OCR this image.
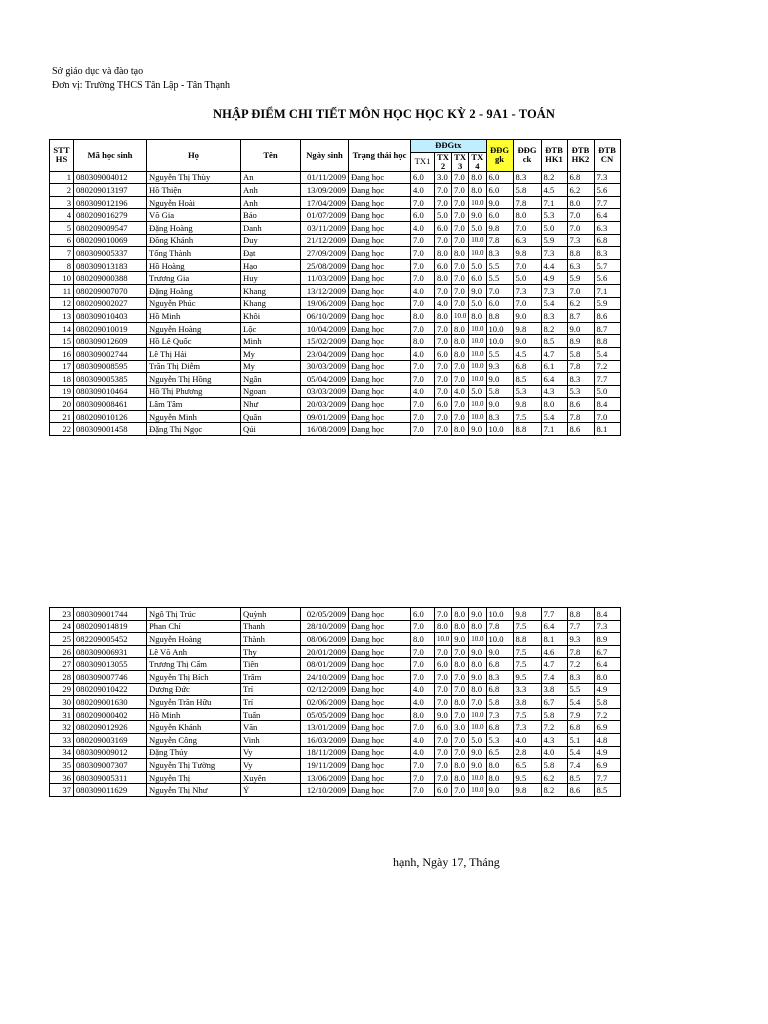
Sở giáo dục và đào tạo
Đơn vị: Trường THCS Tân Lập - Tân Thạnh
NHẬP ĐIỂM CHI TIẾT MÔN HỌC HỌC KỲ 2 - 9A1 - TOÁN
STT HS	Mã học sinh	Họ	Tên	Ngày sinh	Trạng thái học	ĐĐGtx				ĐĐG gk	ĐĐG ck	ĐTB HK1	ĐTB HK2	ĐTB CN
						TX1	TX 2	TX 3	TX 4					
1	080309004012	Nguyễn Thị Thùy	An	01/11/2009	Đang học	6.0	3.0	7.0	8.0	6.0	8.3	8.2	6.8	7.3
2	080209013197	Hồ Thiện	Anh	13/09/2009	Đang học	4.0	7.0	7.0	8.0	6.0	5.8	4.5	6.2	5.6
3	080309012196	Nguyễn Hoài	Anh	17/04/2009	Đang học	7.0	7.0	7.0	10.0	9.0	7.8	7.1	8.0	7.7
4	080209016279	Võ Gia	Bảo	01/07/2009	Đang học	6.0	5.0	7.0	9.0	6.0	8.0	5.3	7.0	6.4
5	080209009547	Đặng Hoàng	Danh	03/11/2009	Đang học	4.0	6.0	7.0	5.0	9.8	7.0	5.0	7.0	6.3
6	080209010069	Đồng Khánh	Duy	21/12/2009	Đang học	7.0	7.0	7.0	10.0	7.8	6.3	5.9	7.3	6.8
7	080309005337	Tống Thành	Đạt	27/09/2009	Đang học	7.0	8.0	8.0	10.0	8.3	9.8	7.3	8.8	8.3
8	080309013183	Hồ Hoàng	Hạo	25/08/2009	Đang học	7.0	6.0	7.0	5.0	5.5	7.0	4.4	6.3	5.7
10	080209000388	Trương Gia	Huy	11/03/2009	Đang học	7.0	8.0	7.0	6.0	5.5	5.0	4.9	5.9	5.6
11	080209007070	Đặng Hoàng	Khang	13/12/2009	Đang học	4.0	7.0	7.0	9.0	7.0	7.3	7.3	7.0	7.1
12	080209002027	Nguyễn Phúc	Khang	19/06/2009	Đang học	7.0	4.0	7.0	5.0	6.0	7.0	5.4	6.2	5.9
13	080309010403	Hồ Minh	Khôi	06/10/2009	Đang học	8.0	8.0	10.0	8.0	8.8	9.0	8.3	8.7	8.6
14	080209010019	Nguyễn Hoàng	Lộc	10/04/2009	Đang học	7.0	7.0	8.0	10.0	10.0	9.8	8.2	9.0	8.7
15	080309012609	Hồ Lê Quốc	Minh	15/02/2009	Đang học	8.0	7.0	8.0	10.0	10.0	9.0	8.5	8.9	8.8
16	080309002744	Lê Thị Hải	My	23/04/2009	Đang học	4.0	6.0	8.0	10.0	5.5	4.5	4.7	5.8	5.4
17	080309008595	Trần Thị Diễm	My	30/03/2009	Đang học	7.0	7.0	7.0	10.0	9.3	6.8	6.1	7.8	7.2
18	080309005385	Nguyễn Thị Hồng	Ngân	05/04/2009	Đang học	7.0	7.0	7.0	10.0	9.0	8.5	6.4	8.3	7.7
19	080309010464	Hồ Thị Phương	Ngoan	03/03/2009	Đang học	4.0	7.0	4.0	5.0	5.8	5.3	4.3	5.3	5.0
20	080309008461	Lâm Tâm	Như	20/03/2009	Đang học	7.0	6.0	7.0	10.0	9.0	9.8	8.0	8.6	8.4
21	080209010126	Nguyễn Minh	Quân	09/01/2009	Đang học	7.0	7.0	7.0	10.0	8.3	7.5	5.4	7.8	7.0
22	080309001458	Đặng Thị Ngọc	Qúi	16/08/2009	Đang học	7.0	7.0	8.0	9.0	10.0	8.8	7.1	8.6	8.1
23	080309001744	Ngô Thị Trúc	Quỳnh	02/05/2009	Đang học	6.0	7.0	8.0	9.0	10.0	9.8	7.7	8.8	8.4
24	080209014819	Phan Chí	Thanh	28/10/2009	Đang học	7.0	8.0	8.0	8.0	7.8	7.5	6.4	7.7	7.3
25	082209005452	Nguyễn Hoàng	Thành	08/06/2009	Đang học	8.0	10.0	9.0	10.0	10.0	8.8	8.1	9.3	8.9
26	080309006931	Lê Võ Anh	Thy	20/01/2009	Đang học	7.0	7.0	7.0	9.0	9.0	7.5	4.6	7.8	6.7
27	080309013055	Trương Thị Cẩm	Tiên	08/01/2009	Đang học	7.0	6.0	8.0	8.0	6.8	7.5	4.7	7.2	6.4
28	080309007746	Nguyễn Thị Bích	Trâm	24/10/2009	Đang học	7.0	7.0	7.0	9.0	8.3	9.5	7.4	8.3	8.0
29	080209010422	Dương Đức	Trí	02/12/2009	Đang học	4.0	7.0	7.0	8.0	6.8	3.3	3.8	5.5	4.9
30	080209001630	Nguyễn Trần Hữu	Trí	02/06/2009	Đang học	4.0	7.0	8.0	7.0	5.8	3.8	6.7	5.4	5.8
31	080209000402	Hồ Minh	Tuấn	05/05/2009	Đang học	8.0	9.0	7.0	10.0	7.3	7.5	5.8	7.9	7.2
32	080209012926	Nguyễn Khánh	Văn	13/01/2009	Đang học	7.0	6.0	3.0	10.0	6.8	7.3	7.2	6.8	6.9
33	080209003169	Nguyễn Công	Vinh	16/03/2009	Đang học	4.0	7.0	7.0	5.0	5.3	4.0	4.3	5.1	4.8
34	080309009012	Đặng Thúy	Vy	18/11/2009	Đang học	4.0	7.0	7.0	9.0	6.5	2.8	4.0	5.4	4.9
35	080309007307	Nguyễn Thị Tường	Vy	19/11/2009	Đang học	7.0	7.0	8.0	9.0	8.0	6.5	5.8	7.4	6.9
36	080309005311	Nguyễn Thị	Xuyên	13/06/2009	Đang học	7.0	7.0	8.0	10.0	8.0	9.5	6.2	8.5	7.7
37	080309011629	Nguyễn Thị Như	Ý	12/10/2009	Đang học	7.0	6.0	7.0	10.0	9.0	9.8	8.2	8.6	8.5
hạnh, Ngày 17, Tháng
